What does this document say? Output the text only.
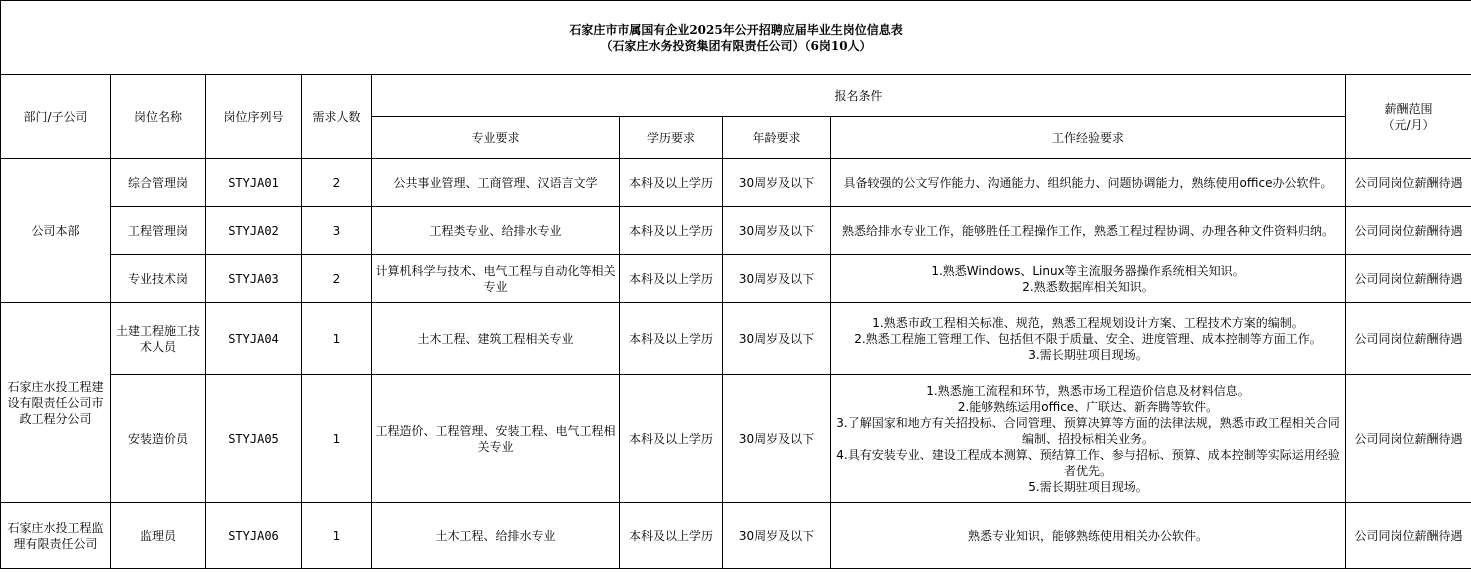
石家庄市市属国有企业2025年公开招聘应届毕业生岗位信息表
（石家庄水务投资集团有限责任公司）（6岗10人）								

部门/子公司	岗位名称	岗位序列号	需求人数	报名条件				薪酬范围
（元/月）

				专业要求	学历要求	年龄要求	工作经验要求	
公司本部	综合管理岗	STYJA01	2	公共事业管理、工商管理、汉语言文学	本科及以上学历	30周岁及以下	具备较强的公文写作能力、沟通能力、组织能力、问题协调能力，熟练使用office办公软件。	公司同岗位薪酬待遇
	工程管理岗	STYJA02	3	工程类专业、给排水专业	本科及以上学历	30周岁及以下	熟悉给排水专业工作，能够胜任工程操作工作，熟悉工程过程协调、办理各种文件资料归纳。	公司同岗位薪酬待遇
	专业技术岗	STYJA03	2	计算机科学与技术、电气工程与自动化等相关专业	本科及以上学历	30周岁及以下	1.熟悉Windows、Linux等主流服务器操作系统相关知识。
2.熟悉数据库相关知识。	公司同岗位薪酬待遇
石家庄水投工程建设有限责任公司市政工程分公司	土建工程施工技术人员	STYJA04	1	土木工程、建筑工程相关专业	本科及以上学历	30周岁及以下	1.熟悉市政工程相关标准、规范，熟悉工程规划设计方案、工程技术方案的编制。
2.熟悉工程施工管理工作、包括但不限于质量、安全、进度管理、成本控制等方面工作。
3.需长期驻项目现场。	公司同岗位薪酬待遇
	安装造价员	STYJA05	1	工程造价、工程管理、安装工程、电气工程相关专业	本科及以上学历	30周岁及以下	1.熟悉施工流程和环节，熟悉市场工程造价信息及材料信息。
2.能够熟练运用office、广联达、新奔腾等软件。
3.了解国家和地方有关招投标、合同管理、预算决算等方面的法律法规，熟悉市政工程相关合同编制、招投标相关业务。
4.具有安装专业、建设工程成本测算、预结算工作、参与招标、预算、成本控制等实际运用经验者优先。
5.需长期驻项目现场。	公司同岗位薪酬待遇
石家庄水投工程监理有限责任公司	监理员	STYJA06	1	土木工程、给排水专业	本科及以上学历	30周岁及以下	熟悉专业知识，能够熟练使用相关办公软件。	公司同岗位薪酬待遇
